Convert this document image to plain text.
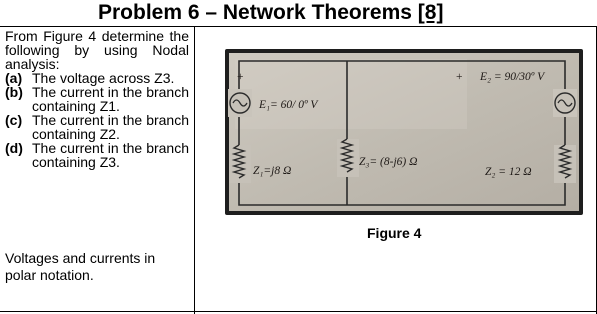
Problem 6 – Network Theorems [8]
From Figure 4 determine the following by using Nodal analysis:
(a) The voltage across Z3.
(b) The current in the branch containing Z1.
(c) The current in the branch containing Z2.
(d) The current in the branch containing Z3.
Voltages and currents in polar notation.
+
E₁= 60/ 0º V
+ E₂ = 90/30º V
Z₁=j8 Ω
Z₃= (8-j6) Ω
Z₂ = 12 Ω
Figure 4
